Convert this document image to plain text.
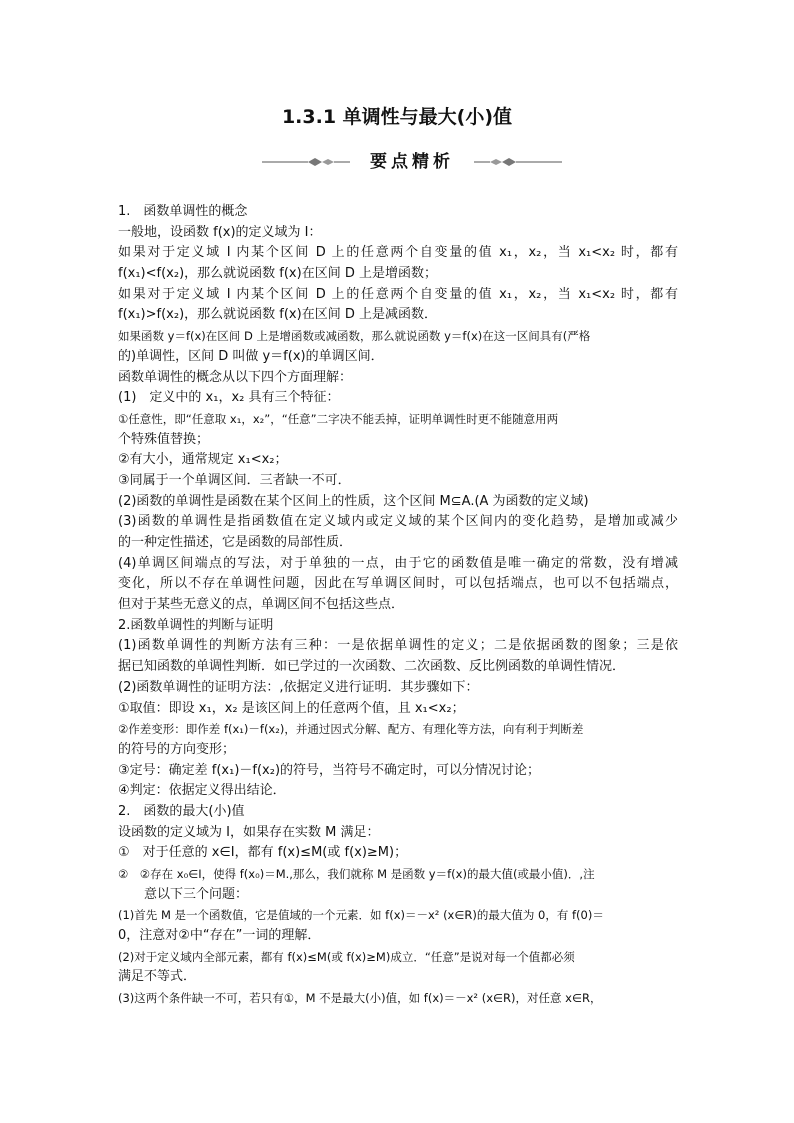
1.3.1 单调性与最大(小)值
要点精析
1.　函数单调性的概念
一般地，设函数 f(x)的定义域为 I：
如果对于定义域 I 内某个区间 D 上的任意两个自变量的值 x₁，x₂，当 x₁<x₂ 时，都有
f(x₁)<f(x₂)，那么就说函数 f(x)在区间 D 上是增函数；
如果对于定义域 I 内某个区间 D 上的任意两个自变量的值 x₁，x₂，当 x₁<x₂ 时，都有
f(x₁)>f(x₂)，那么就说函数 f(x)在区间 D 上是减函数．
如果函数 y＝f(x)在区间 D 上是增函数或减函数，那么就说函数 y＝f(x)在这一区间具有(严格
的)单调性，区间 D 叫做 y＝f(x)的单调区间．
函数单调性的概念从以下四个方面理解：
(1)　定义中的 x₁，x₂ 具有三个特征：
①任意性，即“任意取 x₁，x₂”，“任意”二字决不能丢掉，证明单调性时更不能随意用两
个特殊值替换；
②有大小，通常规定 x₁<x₂；
③同属于一个单调区间．三者缺一不可．
(2)函数的单调性是函数在某个区间上的性质，这个区间 M⊆A.(A 为函数的定义域)
(3)函数的单调性是指函数值在定义域内或定义域的某个区间内的变化趋势，是增加或减少
的一种定性描述，它是函数的局部性质．
(4)单调区间端点的写法，对于单独的一点，由于它的函数值是唯一确定的常数，没有增减
变化，所以不存在单调性问题，因此在写单调区间时，可以包括端点，也可以不包括端点，
但对于某些无意义的点，单调区间不包括这些点．
2.函数单调性的判断与证明
(1)函数单调性的判断方法有三种：一是依据单调性的定义；二是依据函数的图象；三是依
据已知函数的单调性判断．如已学过的一次函数、二次函数、反比例函数的单调性情况．
(2)函数单调性的证明方法：,依据定义进行证明．其步骤如下：
①取值：即设 x₁，x₂ 是该区间上的任意两个值，且 x₁<x₂；
②作差变形：即作差 f(x₁)－f(x₂)，并通过因式分解、配方、有理化等方法，向有利于判断差
的符号的方向变形；
③定号：确定差 f(x₁)－f(x₂)的符号，当符号不确定时，可以分情况讨论；
④判定：依据定义得出结论．
2.　函数的最大(小)值
设函数的定义域为 I，如果存在实数 M 满足：
①　对于任意的 x∈I，都有 f(x)≤M(或 f(x)≥M)；
②　②存在 x₀∈I，使得 f(x₀)＝M.,那么，我们就称 M 是函数 y＝f(x)的最大值(或最小值)．,注
　　意以下三个问题：
(1)首先 M 是一个函数值，它是值域的一个元素．如 f(x)＝－x² (x∈R)的最大值为 0，有 f(0)＝
0，注意对②中“存在”一词的理解．
(2)对于定义域内全部元素，都有 f(x)≤M(或 f(x)≥M)成立．“任意”是说对每一个值都必须
满足不等式．
(3)这两个条件缺一不可，若只有①，M 不是最大(小)值，如 f(x)＝－x² (x∈R)，对任意 x∈R，
